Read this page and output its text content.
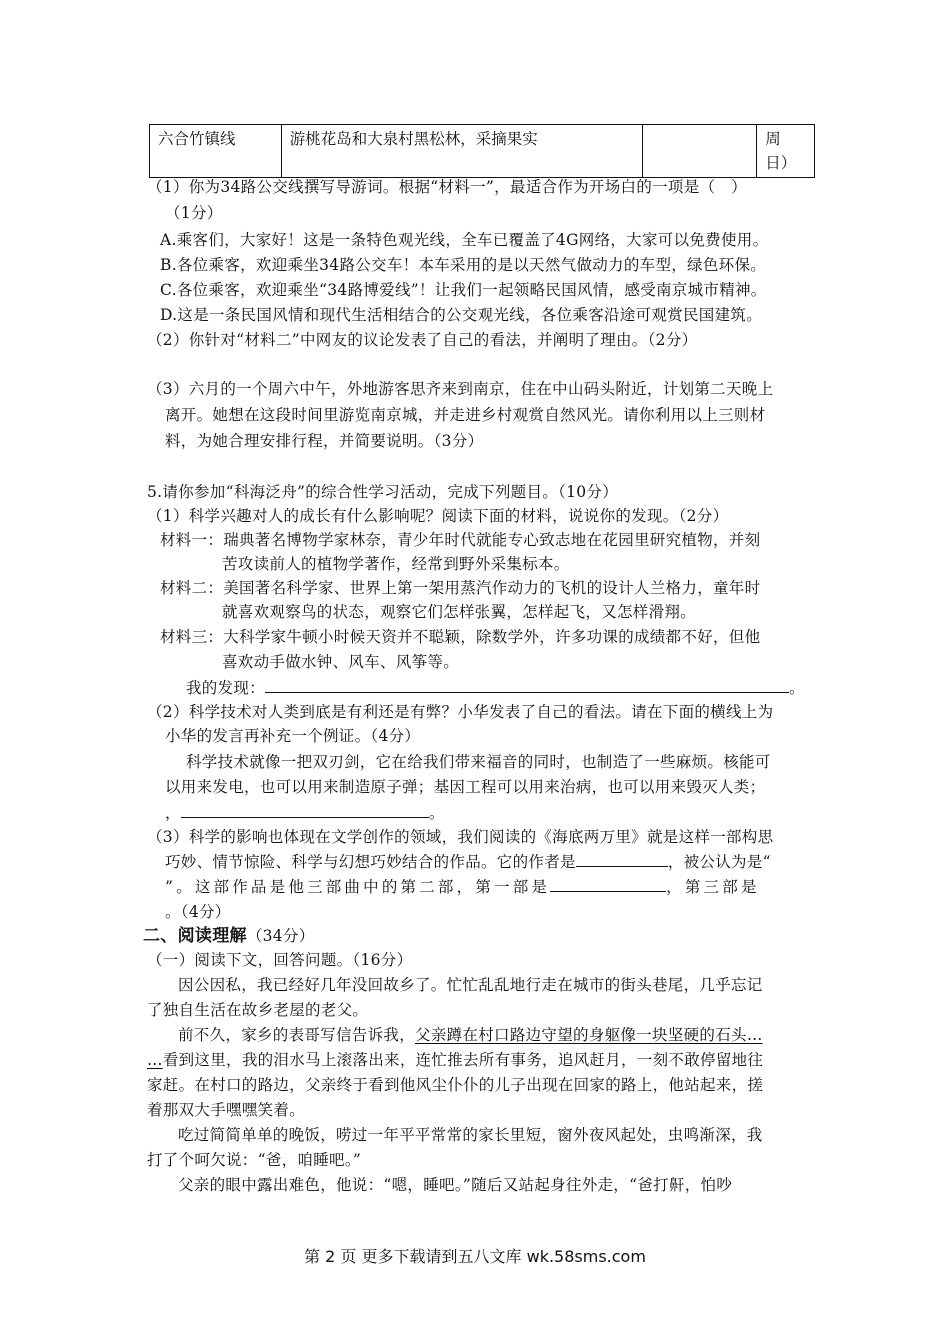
六合竹镇线	游桃花岛和大泉村黑松林，采摘果实		周
日）
（1）你为34路公交线撰写导游词。根据“材料一”，最适合作为开场白的一项是（　）
（1分）
A.乘客们，大家好！这是一条特色观光线，全车已覆盖了4G网络，大家可以免费使用。
B.各位乘客，欢迎乘坐34路公交车！本车采用的是以天然气做动力的车型，绿色环保。
C.各位乘客，欢迎乘坐“34路博爱线”！让我们一起领略民国风情，感受南京城市精神。
D.这是一条民国风情和现代生活相结合的公交观光线，各位乘客沿途可观赏民国建筑。
（2）你针对“材料二”中网友的议论发表了自己的看法，并阐明了理由。（2分）
（3）六月的一个周六中午，外地游客思齐来到南京，住在中山码头附近，计划第二天晚上
离开。她想在这段时间里游览南京城，并走进乡村观赏自然风光。请你利用以上三则材
料，为她合理安排行程，并简要说明。（3分）
5.请你参加“科海泛舟”的综合性学习活动，完成下列题目。（10分）
（1）科学兴趣对人的成长有什么影响呢？阅读下面的材料，说说你的发现。（2分）
材料一：瑞典著名博物学家林奈，青少年时代就能专心致志地在花园里研究植物，并刻
苦攻读前人的植物学著作，经常到野外采集标本。
材料二：美国著名科学家、世界上第一架用蒸汽作动力的飞机的设计人兰格力，童年时
就喜欢观察鸟的状态，观察它们怎样张翼，怎样起飞，又怎样滑翔。
材料三：大科学家牛顿小时候天资并不聪颖，除数学外，许多功课的成绩都不好，但他
喜欢动手做水钟、风车、风筝等。
我的发现：	。
（2）科学技术对人类到底是有利还是有弊？小华发表了自己的看法。请在下面的横线上为
小华的发言再补充一个例证。（4分）
科学技术就像一把双刃剑，它在给我们带来福音的同时，也制造了一些麻烦。核能可
以用来发电，也可以用来制造原子弹；基因工程可以用来治病，也可以用来毁灭人类；
，	。
（3）科学的影响也体现在文学创作的领域，我们阅读的《海底两万里》就是这样一部构思
巧妙、情节惊险、科学与幻想巧妙结合的作品。它的作者是	，被公认为是“
”。这部作品是他三部曲中的第二部，第一部是	，第三部是
。（4分）
二、阅读理解（34分）
（一）阅读下文，回答问题。（16分）
因公因私，我已经好几年没回故乡了。忙忙乱乱地行走在城市的街头巷尾，几乎忘记
了独自生活在故乡老屋的老父。
前不久，家乡的表哥写信告诉我，父亲蹲在村口路边守望的身躯像一块坚硬的石头…
…看到这里，我的泪水马上滚落出来，连忙推去所有事务，追风赶月，一刻不敢停留地往
家赶。在村口的路边，父亲终于看到他风尘仆仆的儿子出现在回家的路上，他站起来，搓
着那双大手嘿嘿笑着。
吃过简简单单的晚饭，唠过一年平平常常的家长里短，窗外夜风起处，虫鸣渐深，我
打了个呵欠说：“爸，咱睡吧。”
父亲的眼中露出难色，他说：“嗯，睡吧。”随后又站起身往外走，“爸打鼾，怕吵
第 2 页 更多下载请到五八文库 wk.58sms.com
